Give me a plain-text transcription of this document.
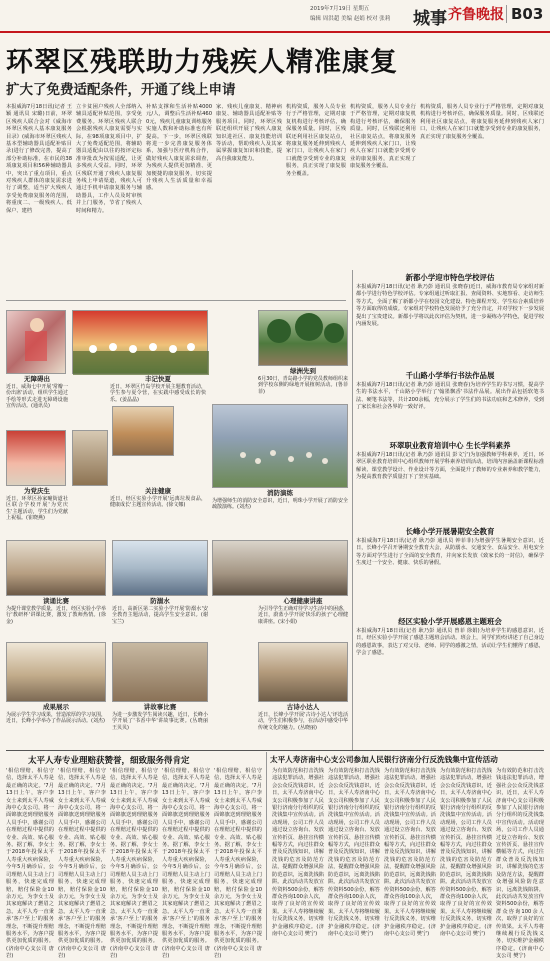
2019年7月19日 星期五
编辑 周洪超 美编 赵娟 校对 张莉 城事 齐鲁晚报 B03
环翠区残联助力残疾人精准康复
扩大了免费适配条件，开通了线上申请
本报威海7月18日讯(记者 王颖 通讯员 宋璐)日前，环翠区残疾人联合会对《威海市环翠区残疾人基本康复服务目录》(威海市环翠区残疾人基本型辅助器具适配补贴目录)进行了修改完善，提高了部分补助标准，在市民的38项康复项目和56种辅助器具中，突出了重点项目，重点对残疾人群体的康复需求进行了调整，适当扩大残疾人享受免费康复服务的范围，将重度二、一级残疾人、低保户、建档
立卡贫困户残疾人全部纳入辅具适配补贴范围，享受免费服务。环翠区残疾人联合会根据残疾人康复需要与实际，在98项康复项目中，扩大了免费适配范围，将辅助器具适配由以往的按评定标准审批改为按需适配，让更多残疾人受益。同时，环翠区残联开通了残疾人康复服务线上申请渠道，残疾人可通过手机申请康复服务与辅助器具，工作人员及时审核并上门服务，节省了残疾人时间和精力。
补贴支撑和生活补贴4000元/人，调整后生活补贴4600元，残疾儿童康复训练服务实施人数和补助标准也有所提高。下一步，环翠区残联将进一步完善康复服务体系，加强与医疗机构合作，做好残疾人康复需求调查，为残疾人提供更加精准、更加便捷的康复服务，切实提升残疾人生活质量和幸福感。
家、残疾儿童康复、精神病康复、辅助器具适配补贴等服务项目。同时，环翠区残联还组织开展了残疾人康复知识进社区、康复技能培训等活动，帮助残疾人及其家属掌握康复知识和技能，提高自我康复能力。
机构资质，服务人员专业行于严格管理，定期对康复机构进行考核评估，确保服务质量。同时，区残联还利用社区康复站点，将康复服务延伸到残疾人家门口，让残疾人在家门口就能享受到专业的康复服务，真正实现了康复服务全覆盖。
机构资质，服务人员专业行于严格管理，定期对康复机构进行考核评估，确保服务质量。同时，区残联还利用社区康复站点，将康复服务延伸到残疾人家门口，让残疾人在家门口就能享受到专业的康复服务，真正实现了康复服务全覆盖。
机构资质，服务人员专业行于严格管理，定期对康复机构进行考核评估，确保服务质量。同时，区残联还利用社区康复站点，将康复服务延伸到残疾人家门口，让残疾人在家门口就能享受到专业的康复服务，真正实现了康复服务全覆盖。
无障碍出
近日，威海七中开展'常瓣一份出席'活动，组织学生通过手绘等形式走进无障碍设施宣传活动。(通讯员)
丰记快夏
近日，环翠区竹岛学校开展主题教育活动，学生参与夏令营，在实践中感受成长的快乐。(姜晶晶)
绿洲先到
6月30日，青岛路小学的党员教师组织来到学校东侧的绿地开展植树活动。(鲁菲菲)
为党庆生
近日，环翠区孙家疃街道社区联合学校开展'为党庆生'主题活动，学生们为党献上祝福。(崔晓燕)
关注健康
近日，经区实验小学开展'远离垃圾食品，健康成长'主题宣传活动。(徐文娜)
消防演练
为增强师生的消防安全意识，近日，明珠小学开展了消防安全疏散演练。(刘杰)
读诵比赛
为提升课堂教学质量，近日，经区实验小学举行'教研杯'讲课比赛，激发了教师热情。(徐金)
防溺水
近日，高新区第二实验小学开展'防溺水'安全教育主题活动，提高学生安全意识。(谢宝兰)
心理健康讲座
为引导学生正确对待学习生活中的困惑，近日，蔚蓝小学开展'快乐的孩子'心理健康讲座。(宋小娟)
成果展示
为展示学生学习成果，营造浓厚的学习氛围，近日，长峰小学举办了作品展示活动。(刘杰)
讲故事比赛
为进一步激发学生阅读兴趣，近日，长峰小学开展了'书香中华'讲故事比赛。(丛晓丽 王贝贝)
古诗小达人
近日，长峰小学开展'古诗小达人'评选活动，学生们积极参与，在活动中感受中华传统文化的魅力。(丛晓丽)
新都小学迎市特色学校评估
本报威海7月18日讯(记者 耿乃彭 通讯员 张晓春)近日，威海市教育局专家组对新都小学进行特色学校评估。专家组通过听取汇报、查阅资料、实地察看、走访师生等方式，全面了解了新都小学在校园文化建设、特色课程开发、学生综合素质培养等方面取得的成绩。专家组对学校特色发展给予了充分肯定，并对学校下一步发展提出了宝贵建议。新都小学将以此次评估为契机，进一步凝练办学特色，促进学校内涵发展。
千山路小学举行书法作品展
本报威海7月18日讯(记者 耿乃彭 通讯员 张晓春)为培养学生的书写习惯，提高学生的书法水平，千山路小学举行了'翰墨飘香'书法作品展。展出作品包括软笔书法、硬笔书法等，共计200余幅，充分展示了学生们的书法功底和艺术修养，受到了家长和社会各界的一致好评。
环翠职业教育培训中心 生长学科素养
本报威海7月18日讯(记者 耿乃彭 通讯员 彭文宁)为加强教师学科素养，近日，环翠区职业教育培训中心组织教师开展学科素养培训活动。培训内容涵盖新课程标准解读、课堂教学设计、作业设计等方面，全面提升了教师的专业素养和教学能力，为提高教育教学质量打下了坚实基础。
长峰小学开展暑期安全教育
本报威海7月18日讯(记者 耿乃彭 通讯员 钟菲菲)为增强学生暑期安全意识，近日，长峰小学召开暑期安全教育大会，从防溺水、交通安全、食品安全、用电安全等方面对学生进行了全面的安全教育，并向家长发放《致家长的一封信》，确保学生度过一个安全、健康、快乐的暑假。
经区实验小学开展感恩主题班会
本报威海7月18日讯(记者 耿乃彭 通讯员 曾菲 徐娟)为培养学生的感恩意识，近日，经区实验小学开展了感恩主题班会活动。班会上，同学们纷纷讲述了自己身边的感恩故事，表达了对父母、老师、同学的感激之情，活动让学生们懂得了感恩，学会了感恩。
太平人寿专业理赔获赞誉，细致服务得肯定
'相信理赔，相信守信，选择太平人寿是最正确的决定。'7月13日上午，客户李女士来到太平人寿威海中心支公司，将一面锦旗送到理赔服务人员手中，感谢公司在理赔过程中提供的专业、高效、贴心服务。据了解，李女士于2018年投保太平人寿重大疾病保险，今年5月确诊后，公司理赔人员主动上门服务，快速完成理赔，赔付保险金10余万元，为李女士及其家庭解决了燃眉之急。太平人寿一直秉承'客户至上'的服务理念，不断提升理赔服务水平，为客户提供更加优质的服务。(济南中心支公司 唐岩)
'相信理赔，相信守信，选择太平人寿是最正确的决定。'7月13日上午，客户李女士来到太平人寿威海中心支公司，将一面锦旗送到理赔服务人员手中，感谢公司在理赔过程中提供的专业、高效、贴心服务。据了解，李女士于2018年投保太平人寿重大疾病保险，今年5月确诊后，公司理赔人员主动上门服务，快速完成理赔，赔付保险金10余万元，为李女士及其家庭解决了燃眉之急。太平人寿一直秉承'客户至上'的服务理念，不断提升理赔服务水平，为客户提供更加优质的服务。(济南中心支公司 唐岩)
'相信理赔，相信守信，选择太平人寿是最正确的决定。'7月13日上午，客户李女士来到太平人寿威海中心支公司，将一面锦旗送到理赔服务人员手中，感谢公司在理赔过程中提供的专业、高效、贴心服务。据了解，李女士于2018年投保太平人寿重大疾病保险，今年5月确诊后，公司理赔人员主动上门服务，快速完成理赔，赔付保险金10余万元，为李女士及其家庭解决了燃眉之急。太平人寿一直秉承'客户至上'的服务理念，不断提升理赔服务水平，为客户提供更加优质的服务。(济南中心支公司 唐岩)
'相信理赔，相信守信，选择太平人寿是最正确的决定。'7月13日上午，客户李女士来到太平人寿威海中心支公司，将一面锦旗送到理赔服务人员手中，感谢公司在理赔过程中提供的专业、高效、贴心服务。据了解，李女士于2018年投保太平人寿重大疾病保险，今年5月确诊后，公司理赔人员主动上门服务，快速完成理赔，赔付保险金10余万元，为李女士及其家庭解决了燃眉之急。太平人寿一直秉承'客户至上'的服务理念，不断提升理赔服务水平，为客户提供更加优质的服务。(济南中心支公司 唐岩)
'相信理赔，相信守信，选择太平人寿是最正确的决定。'7月13日上午，客户李女士来到太平人寿威海中心支公司，将一面锦旗送到理赔服务人员手中，感谢公司在理赔过程中提供的专业、高效、贴心服务。据了解，李女士于2018年投保太平人寿重大疾病保险，今年5月确诊后，公司理赔人员主动上门服务，快速完成理赔，赔付保险金10余万元，为李女士及其家庭解决了燃眉之急。太平人寿一直秉承'客户至上'的服务理念，不断提升理赔服务水平，为客户提供更加优质的服务。(济南中心支公司 唐岩)
太平人寿济南中心支公司参加人民银行济南分行反洗钱集中宣传活动
为有效防范和打击洗钱违法犯罪活动，增强社会公众反洗钱意识，近日，太平人寿济南中心支公司积极参加了人民银行济南分行组织的反洗钱集中宣传活动。活动现场，公司工作人员通过设立咨询台、发放宣传折页、悬挂宣传横幅等方式，向过往群众普及反洗钱知识，讲解洗钱的危害及防范方法，提醒群众增强风险防范意识，远离洗钱陷阱。此次活动共发放宣传资料500余份，解答群众咨询100余人次，取得了良好的宣传效果。太平人寿将继续履行反洗钱义务，切实维护金融秩序稳定。(济南中心支公司 樊宁)
为有效防范和打击洗钱违法犯罪活动，增强社会公众反洗钱意识，近日，太平人寿济南中心支公司积极参加了人民银行济南分行组织的反洗钱集中宣传活动。活动现场，公司工作人员通过设立咨询台、发放宣传折页、悬挂宣传横幅等方式，向过往群众普及反洗钱知识，讲解洗钱的危害及防范方法，提醒群众增强风险防范意识，远离洗钱陷阱。此次活动共发放宣传资料500余份，解答群众咨询100余人次，取得了良好的宣传效果。太平人寿将继续履行反洗钱义务，切实维护金融秩序稳定。(济南中心支公司 樊宁)
为有效防范和打击洗钱违法犯罪活动，增强社会公众反洗钱意识，近日，太平人寿济南中心支公司积极参加了人民银行济南分行组织的反洗钱集中宣传活动。活动现场，公司工作人员通过设立咨询台、发放宣传折页、悬挂宣传横幅等方式，向过往群众普及反洗钱知识，讲解洗钱的危害及防范方法，提醒群众增强风险防范意识，远离洗钱陷阱。此次活动共发放宣传资料500余份，解答群众咨询100余人次，取得了良好的宣传效果。太平人寿将继续履行反洗钱义务，切实维护金融秩序稳定。(济南中心支公司 樊宁)
为有效防范和打击洗钱违法犯罪活动，增强社会公众反洗钱意识，近日，太平人寿济南中心支公司积极参加了人民银行济南分行组织的反洗钱集中宣传活动。活动现场，公司工作人员通过设立咨询台、发放宣传折页、悬挂宣传横幅等方式，向过往群众普及反洗钱知识，讲解洗钱的危害及防范方法，提醒群众增强风险防范意识，远离洗钱陷阱。此次活动共发放宣传资料500余份，解答群众咨询100余人次，取得了良好的宣传效果。太平人寿将继续履行反洗钱义务，切实维护金融秩序稳定。(济南中心支公司 樊宁)
为有效防范和打击洗钱违法犯罪活动，增强社会公众反洗钱意识，近日，太平人寿济南中心支公司积极参加了人民银行济南分行组织的反洗钱集中宣传活动。活动现场，公司工作人员通过设立咨询台、发放宣传折页、悬挂宣传横幅等方式，向过往群众普及反洗钱知识，讲解洗钱的危害及防范方法，提醒群众增强风险防范意识，远离洗钱陷阱。此次活动共发放宣传资料500余份，解答群众咨询100余人次，取得了良好的宣传效果。太平人寿将继续履行反洗钱义务，切实维护金融秩序稳定。(济南中心支公司 樊宁)
